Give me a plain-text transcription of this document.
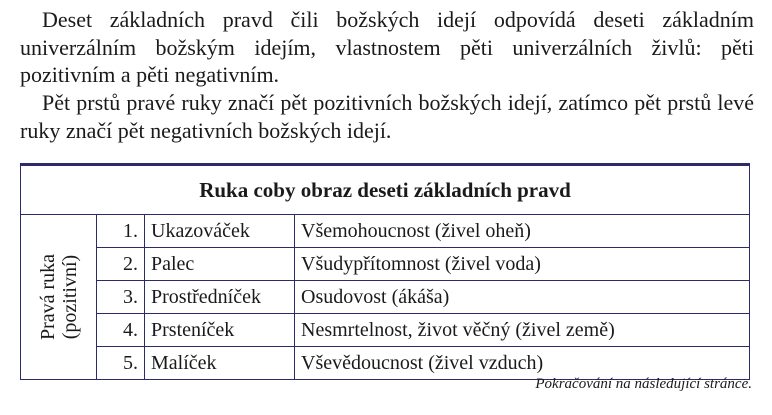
Deset základních pravd čili božských idejí odpovídá deseti základním univerzálním božským idejím, vlastnostem pěti univerzálních živlů: pěti pozitivním a pěti negativním.

Pět prstů pravé ruky značí pět pozitivních božských idejí, zatímco pět prstů levé ruky značí pět negativních božských idejí.

Ruka coby obraz deseti základních pravd			

Pravá ruka (pozitivní)	1.	Ukazováček	Všemohoucnost (živel oheň)
	2.	Palec	Všudypřítomnost (živel voda)
	3.	Prostředníček	Osudovost (ákáša)
	4.	Prsteníček	Nesmrtelnost, život věčný (živel země)
	5.	Malíček	Vševědoucnost (živel vzduch)

Pokračování na následující stránce.
